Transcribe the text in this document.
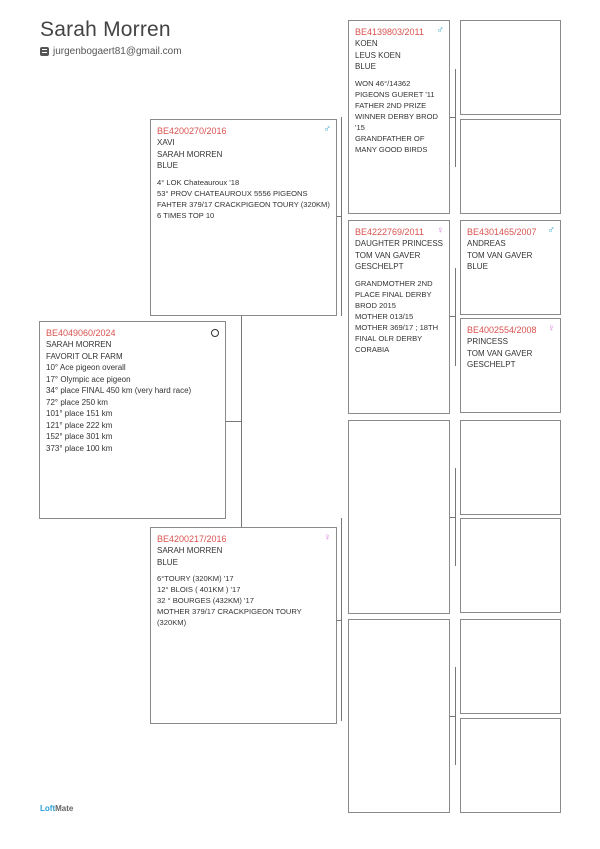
Sarah Morren
jurgenbogaert81@gmail.com
BE4049060/2024
SARAH MORREN
FAVORIT OLR FARM
10° Ace pigeon overall
17° Olympic ace pigeon
34° place FINAL 450 km (very hard race)
72° place 250 km
101° place 151 km
121° place 222 km
152° place 301 km
373° place 100 km
♂
BE4200270/2016
XAVI
SARAH MORREN
BLUE
4° LOK Chateauroux '18
53° PROV CHATEAUROUX 5556 PIGEONS
FAHTER 379/17 CRACKPIGEON TOURY (320KM)
6 TIMES TOP 10
♀
BE4200217/2016
SARAH MORREN
BLUE
6°TOURY (320KM) '17
12° BLOIS ( 401KM ) '17
32 ° BOURGES (432KM) '17
MOTHER 379/17 CRACKPIGEON TOURY (320KM)
♂
BE4139803/2011
KOEN
LEUS KOEN
BLUE
WON 46°/14362 PIGEONS GUERET '11
FATHER 2ND PRIZE WINNER DERBY BROD '15
GRANDFATHER OF MANY GOOD BIRDS
♀
BE4222769/2011
DAUGHTER PRINCESS
TOM VAN GAVER
GESCHELPT
GRANDMOTHER 2ND PLACE FINAL DERBY BROD 2015
MOTHER 013/15
MOTHER 369/17 ; 18TH FINAL OLR DERBY CORABIA
♂
BE4301465/2007
ANDREAS
TOM VAN GAVER
BLUE
♀
BE4002554/2008
PRINCESS
TOM VAN GAVER
GESCHELPT
LoftMate
